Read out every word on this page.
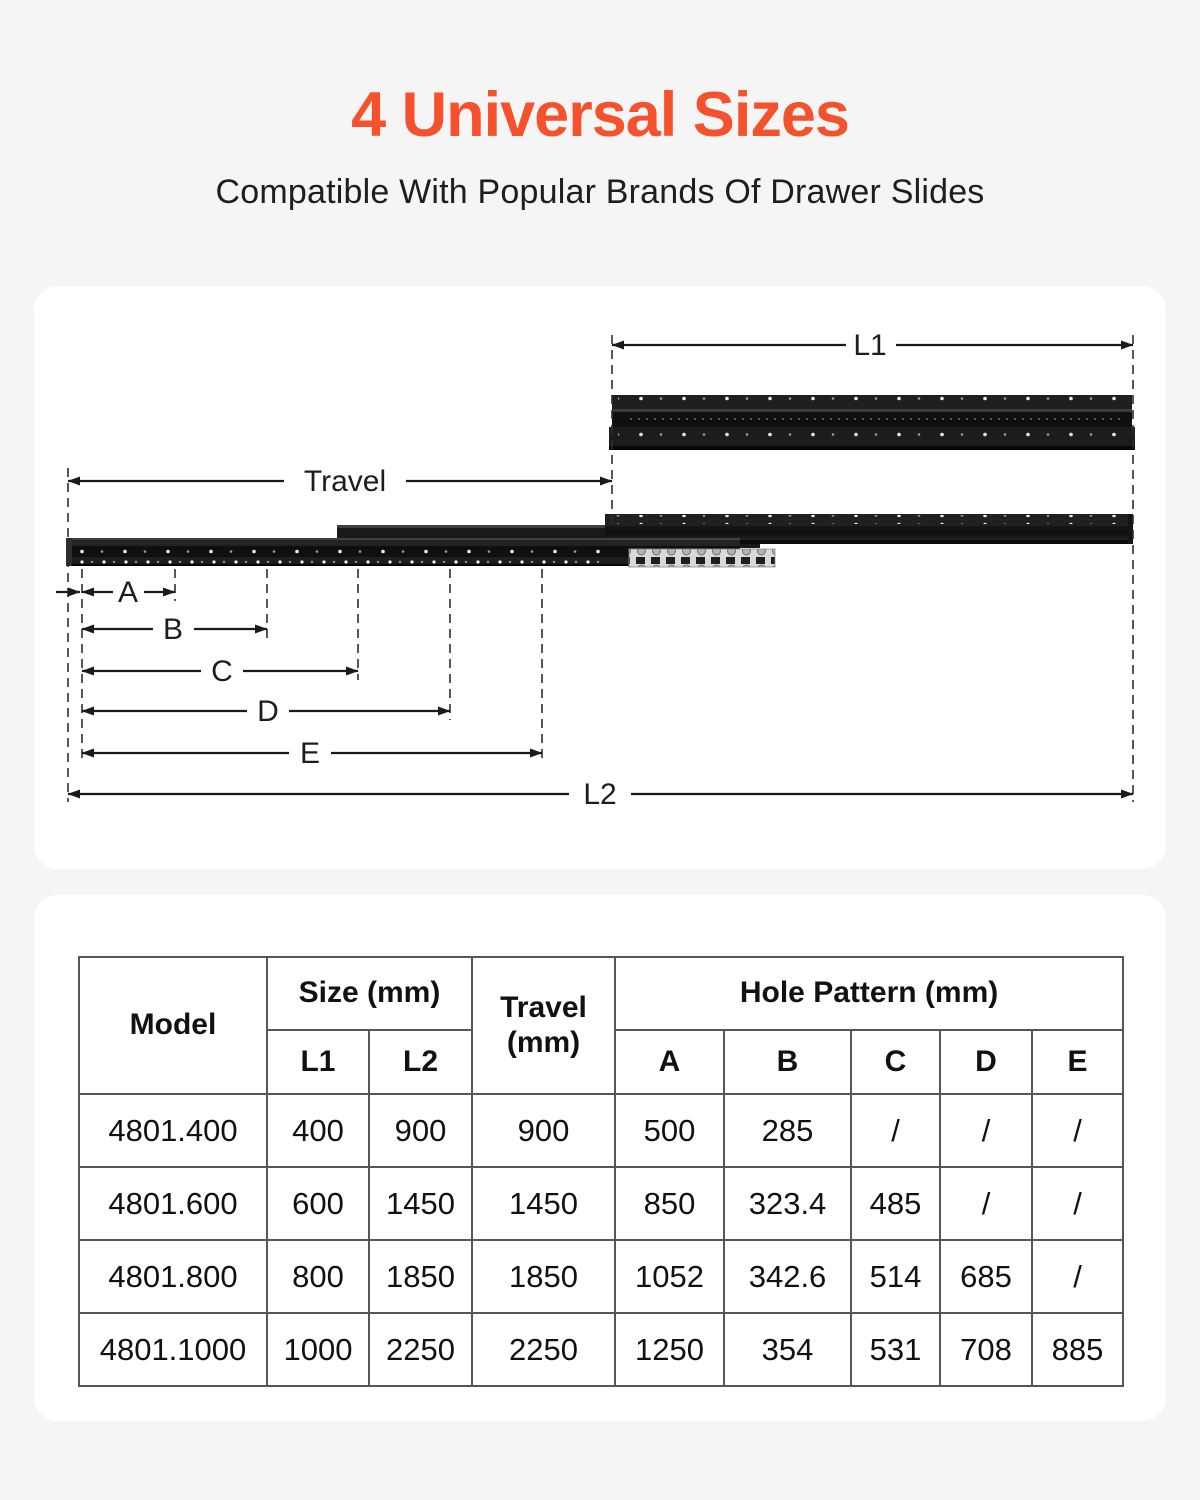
4 Universal Sizes

Compatible With Popular Brands Of Drawer Slides

L1
Travel
A
B
C
D
E
L2
Model	Size (mm)		Travel (mm)	Hole Pattern (mm)				
	L1	L2		A	B	C	D	E
4801.400	400	900	900	500	285	/	/	/
4801.600	600	1450	1450	850	323.4	485	/	/
4801.800	800	1850	1850	1052	342.6	514	685	/
4801.1000	1000	2250	2250	1250	354	531	708	885
